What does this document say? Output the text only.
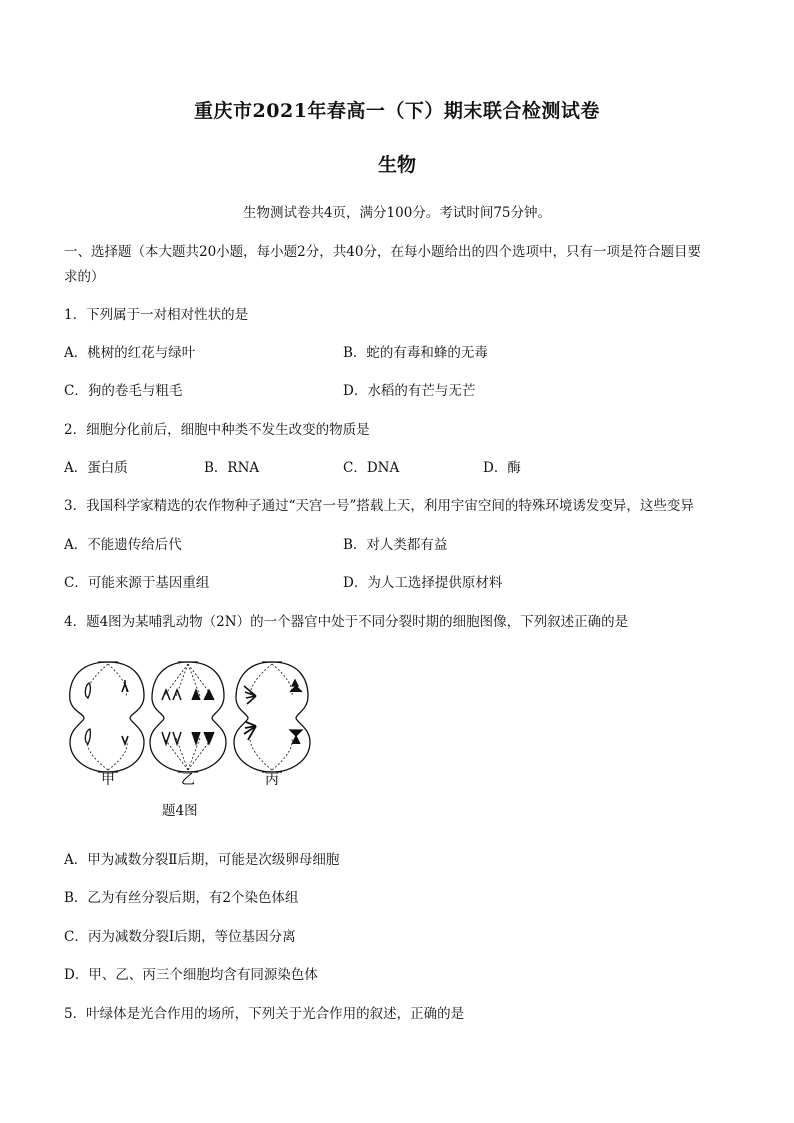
重庆市2021年春高一（下）期末联合检测试卷
生物
生物测试卷共4页，满分100分。考试时间75分钟。
一、选择题（本大题共20小题，每小题2分，共40分，在每小题给出的四个选项中，只有一项是符合题目要
求的）
1．下列属于一对相对性状的是
A．桃树的红花与绿叶	B．蛇的有毒和蜂的无毒
C．狗的卷毛与粗毛	D．水稻的有芒与无芒
2．细胞分化前后，细胞中种类不发生改变的物质是
A．蛋白质	B．RNA	C．DNA	D．酶
3．我国科学家精选的农作物种子通过“天宫一号”搭载上天，利用宇宙空间的特殊环境诱发变异，这些变异
A．不能遗传给后代	B．对人类都有益
C．可能来源于基因重组	D．为人工选择提供原材料
4．题4图为某哺乳动物（2N）的一个器官中处于不同分裂时期的细胞图像，下列叙述正确的是
甲	乙	丙
题4图
A．甲为减数分裂Ⅱ后期，可能是次级卵母细胞
B．乙为有丝分裂后期，有2个染色体组
C．丙为减数分裂I后期，等位基因分离
D．甲、乙、丙三个细胞均含有同源染色体
5．叶绿体是光合作用的场所，下列关于光合作用的叙述，正确的是
